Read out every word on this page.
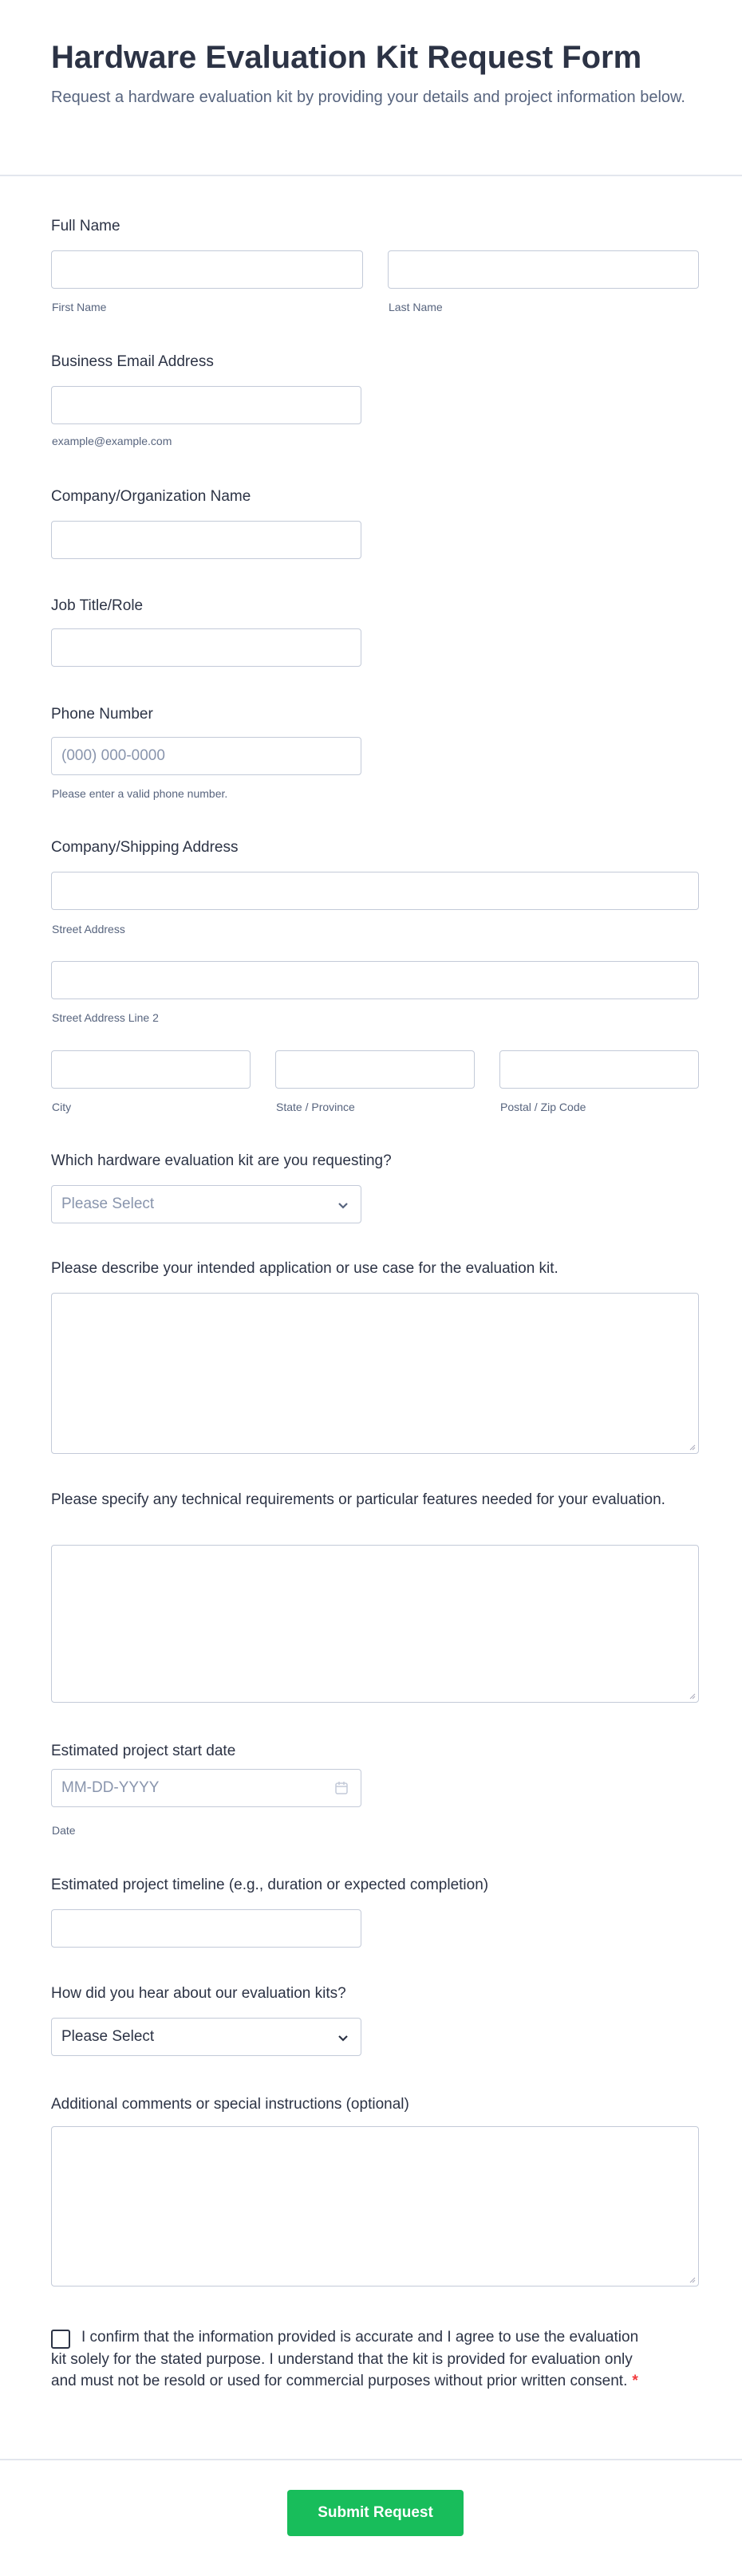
Hardware Evaluation Kit Request Form

Request a hardware evaluation kit by providing your details and project information below.

Full Name
First Name	Last Name
Business Email Address
example@example.com
Company/Organization Name
Job Title/Role
Phone Number
(000) 000-0000
Please enter a valid phone number.
Company/Shipping Address
Street Address
Street Address Line 2
City	State / Province	Postal / Zip Code
Which hardware evaluation kit are you requesting?
Please Select
Please describe your intended application or use case for the evaluation kit.
Please specify any technical requirements or particular features needed for your evaluation.
Estimated project start date
MM-DD-YYYY
Date
Estimated project timeline (e.g., duration or expected completion)
How did you hear about our evaluation kits?
Please Select
Additional comments or special instructions (optional)
I confirm that the information provided is accurate and I agree to use the evaluation kit solely for the stated purpose. I understand that the kit is provided for evaluation only and must not be resold or used for commercial purposes without prior written consent. *
Submit Request
